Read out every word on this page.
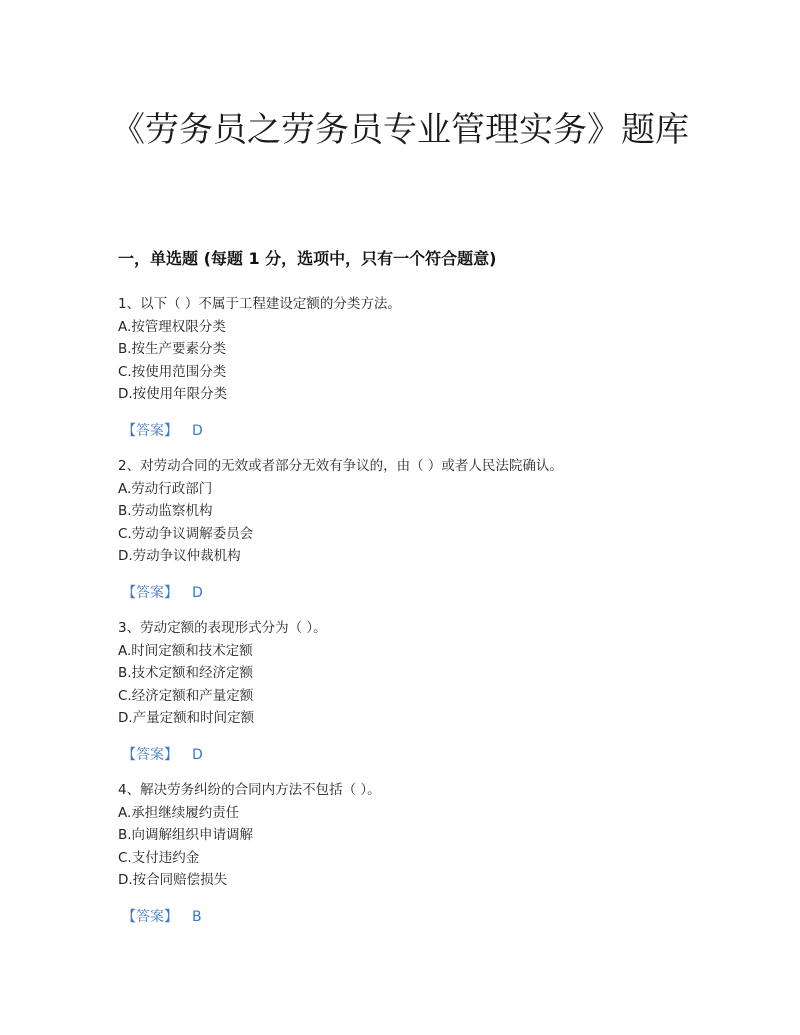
《劳务员之劳务员专业管理实务》题库
一，单选题 (每题 1 分，选项中，只有一个符合题意)
1、以下（ ）不属于工程建设定额的分类方法。
A.按管理权限分类
B.按生产要素分类
C.按使用范围分类
D.按使用年限分类
【答案】 D
2、对劳动合同的无效或者部分无效有争议的，由（ ）或者人民法院确认。
A.劳动行政部门
B.劳动监察机构
C.劳动争议调解委员会
D.劳动争议仲裁机构
【答案】 D
3、劳动定额的表现形式分为（ ）。
A.时间定额和技术定额
B.技术定额和经济定额
C.经济定额和产量定额
D.产量定额和时间定额
【答案】 D
4、解决劳务纠纷的合同内方法不包括（ ）。
A.承担继续履约责任
B.向调解组织申请调解
C.支付违约金
D.按合同赔偿损失
【答案】 B
